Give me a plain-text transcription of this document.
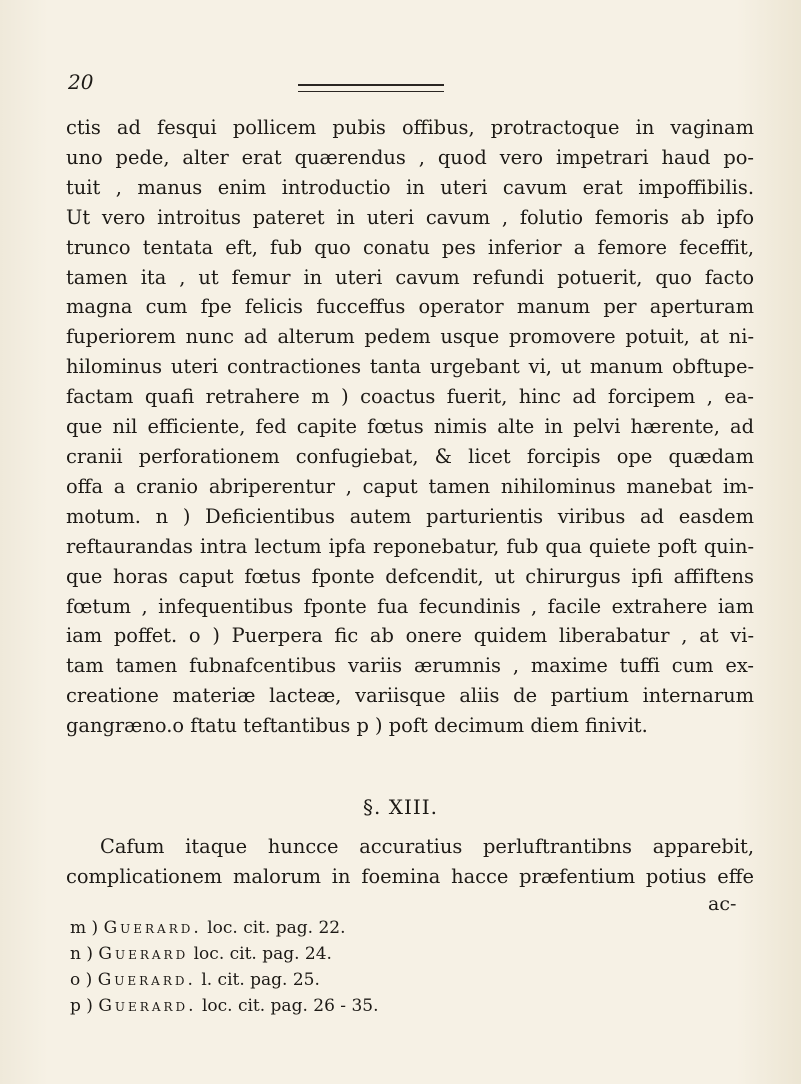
20
ctis ad fesqui pollicem pubis offibus, protractoque in vaginam
uno pede, alter erat quærendus , quod vero impetrari haud po-
tuit , manus enim introductio in uteri cavum erat impoffibilis.
Ut vero introitus pateret in uteri cavum , folutio femoris ab ipfo
trunco tentata eft, fub quo conatu pes inferior a femore feceffit,
tamen ita , ut femur in uteri cavum refundi potuerit, quo facto
magna cum fpe felicis fucceffus operator manum per aperturam
fuperiorem nunc ad alterum pedem usque promovere potuit, at ni-
hilominus uteri contractiones tanta urgebant vi, ut manum obftupe-
factam quafi retrahere m ) coactus fuerit, hinc ad forcipem , ea-
que nil efficiente, fed capite fœtus nimis alte in pelvi hærente, ad
cranii perforationem confugiebat, & licet forcipis ope quædam
offa a cranio abriperentur , caput tamen nihilominus manebat im-
motum. n ) Deficientibus autem parturientis viribus ad easdem
reftaurandas intra lectum ipfa reponebatur, fub qua quiete poft quin-
que horas caput fœtus fponte defcendit, ut chirurgus ipfi affiftens
fœtum , infequentibus fponte fua fecundinis , facile extrahere iam
iam poffet. o ) Puerpera fic ab onere quidem liberabatur , at vi-
tam tamen fubnafcentibus variis ærumnis , maxime tuffi cum ex-
creatione materiæ lacteæ, variisque aliis de partium internarum
gangræno.o ftatu teftantibus p ) poft decimum diem finivit.
§. XIII.
Cafum itaque huncce accuratius perluftrantibns apparebit,
complicationem malorum in foemina hacce præfentium potius effe
ac-
m ) Guerard. loc. cit. pag. 22.
n ) Guerard loc. cit. pag. 24.
o ) Guerard. l. cit. pag. 25.
p ) Guerard. loc. cit. pag. 26 - 35.
